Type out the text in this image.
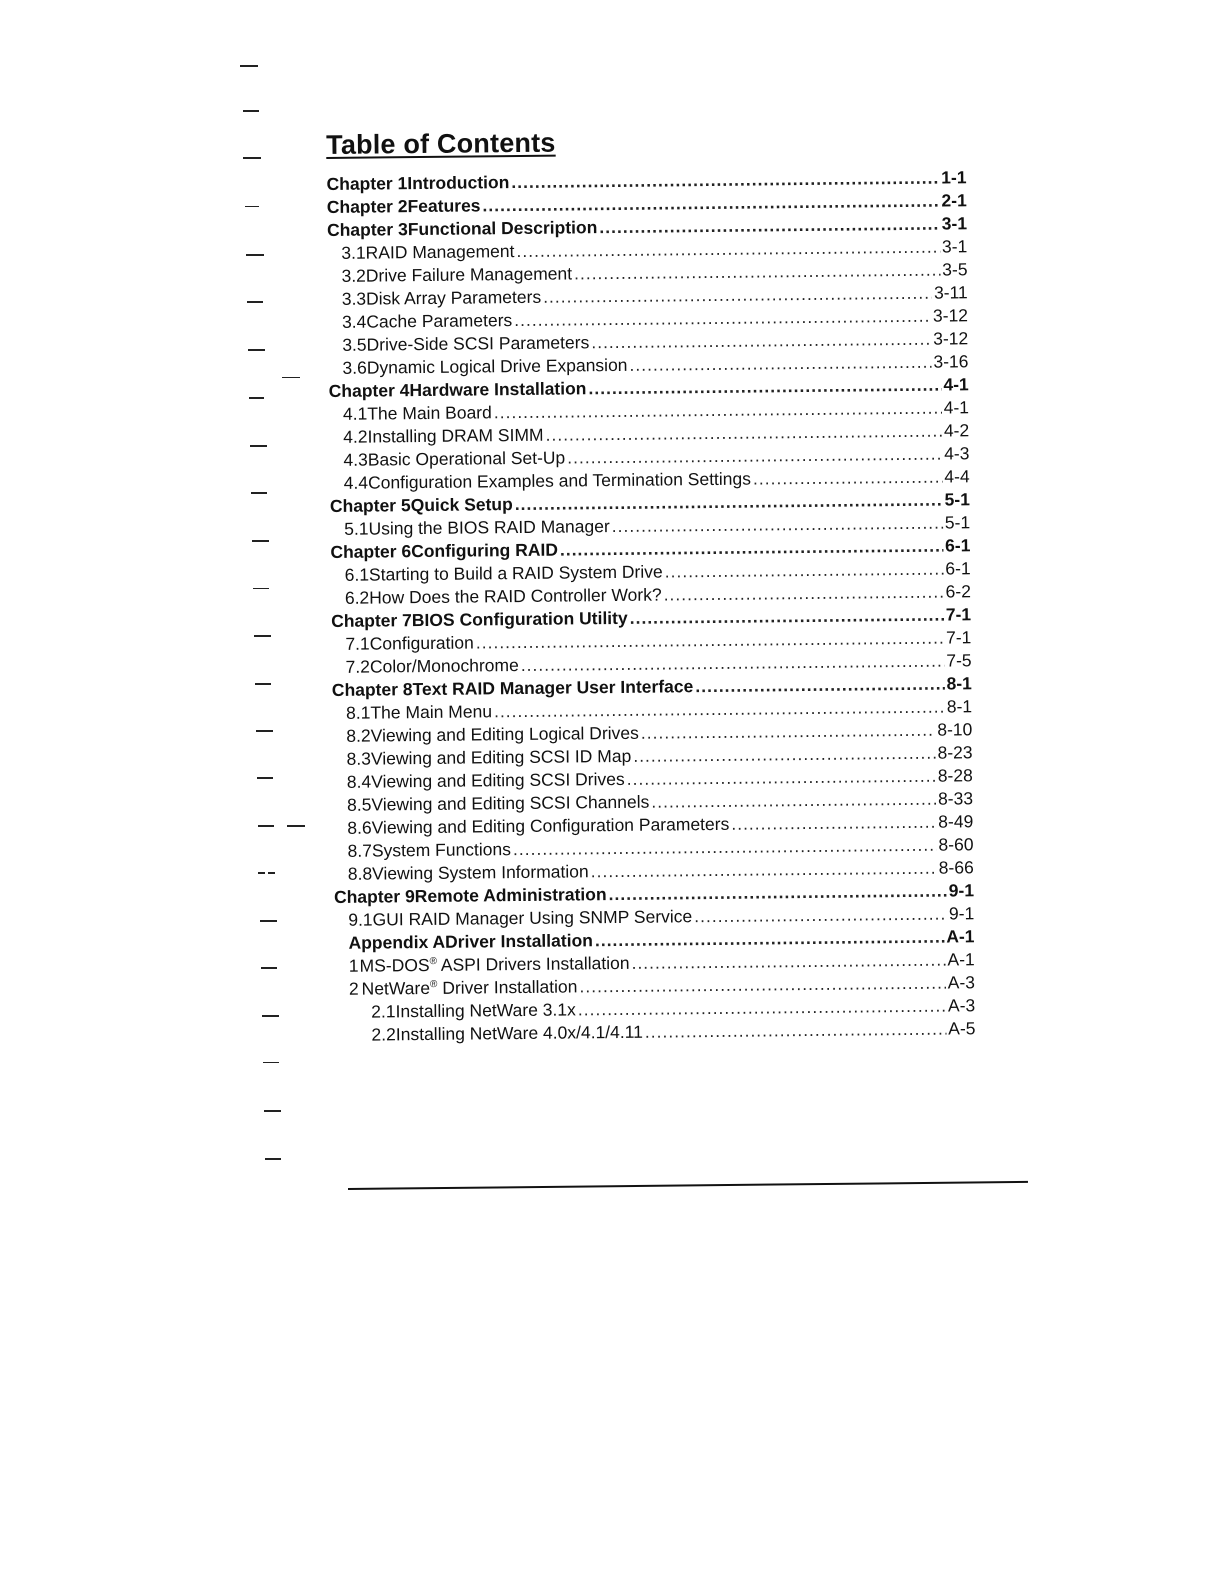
Table of Contents
Chapter 1 Introduction .....	1-1
Chapter 2 Features .....	2-1
Chapter 3 Functional Description .....	3-1
3.1 RAID Management .....	3-1
3.2 Drive Failure Management .....	3-5
3.3 Disk Array Parameters .....	3-11
3.4 Cache Parameters .....	3-12
3.5 Drive-Side SCSI Parameters .....	3-12
3.6 Dynamic Logical Drive Expansion .....	3-16
Chapter 4 Hardware Installation .....	4-1
4.1 The Main Board .....	4-1
4.2 Installing DRAM SIMM .....	4-2
4.3 Basic Operational Set-Up .....	4-3
4.4 Configuration Examples and Termination Settings .....	4-4
Chapter 5 Quick Setup .....	5-1
5.1 Using the BIOS RAID Manager .....	5-1
Chapter 6 Configuring RAID .....	6-1
6.1 Starting to Build a RAID System Drive .....	6-1
6.2 How Does the RAID Controller Work? .....	6-2
Chapter 7 BIOS Configuration Utility .....	7-1
7.1 Configuration .....	7-1
7.2 Color/Monochrome .....	7-5
Chapter 8 Text RAID Manager User Interface .....	8-1
8.1 The Main Menu .....	8-1
8.2 Viewing and Editing Logical Drives .....	8-10
8.3 Viewing and Editing SCSI ID Map .....	8-23
8.4 Viewing and Editing SCSI Drives .....	8-28
8.5 Viewing and Editing SCSI Channels .....	8-33
8.6 Viewing and Editing Configuration Parameters .....	8-49
8.7 System Functions .....	8-60
8.8 Viewing System Information .....	8-66
Chapter 9 Remote Administration .....	9-1
9.1 GUI RAID Manager Using SNMP Service .....	9-1
Appendix A Driver Installation .....	A-1
1 MS-DOS® ASPI Drivers Installation .....	A-1
2 NetWare® Driver Installation .....	A-3
2.1 Installing NetWare 3.1x .....	A-3
2.2 Installing NetWare 4.0x/4.1/4.11 .....	A-5
